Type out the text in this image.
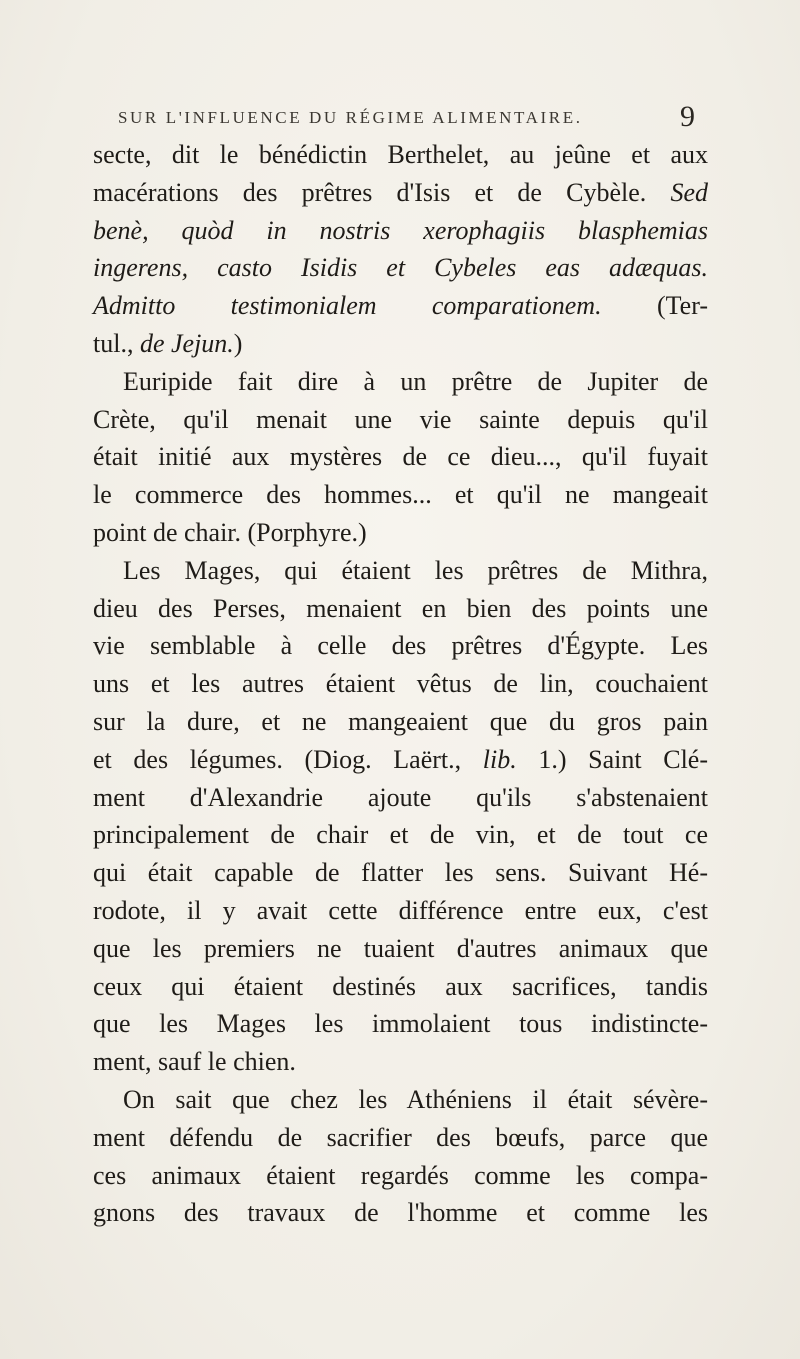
SUR L'INFLUENCE DU RÉGIME ALIMENTAIRE.	9
secte, dit le bénédictin Berthelet, au jeûne et aux
macérations des prêtres d'Isis et de Cybèle. Sed
benè, quòd in nostris xerophagiis blasphemias
ingerens, casto Isidis et Cybeles eas adæquas.
Admitto testimonialem comparationem. (Ter-
tul., de Jejun.)
Euripide fait dire à un prêtre de Jupiter de
Crète, qu'il menait une vie sainte depuis qu'il
était initié aux mystères de ce dieu..., qu'il fuyait
le commerce des hommes... et qu'il ne mangeait
point de chair. (Porphyre.)
Les Mages, qui étaient les prêtres de Mithra,
dieu des Perses, menaient en bien des points une
vie semblable à celle des prêtres d'Égypte. Les
uns et les autres étaient vêtus de lin, couchaient
sur la dure, et ne mangeaient que du gros pain
et des légumes. (Diog. Laërt., lib. 1.) Saint Clé-
ment d'Alexandrie ajoute qu'ils s'abstenaient
principalement de chair et de vin, et de tout ce
qui était capable de flatter les sens. Suivant Hé-
rodote, il y avait cette différence entre eux, c'est
que les premiers ne tuaient d'autres animaux que
ceux qui étaient destinés aux sacrifices, tandis
que les Mages les immolaient tous indistincte-
ment, sauf le chien.
On sait que chez les Athéniens il était sévère-
ment défendu de sacrifier des bœufs, parce que
ces animaux étaient regardés comme les compa-
gnons des travaux de l'homme et comme les
